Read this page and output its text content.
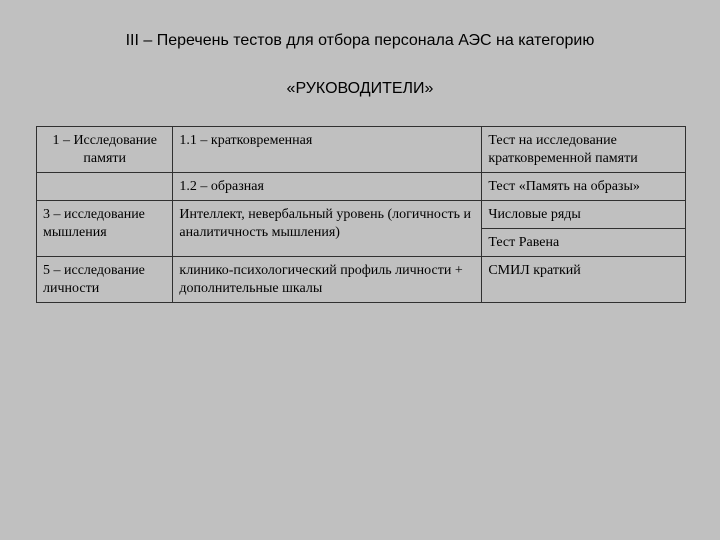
III – Перечень тестов для отбора персонала АЭС на категорию
«РУКОВОДИТЕЛИ»
1 – Исследование памяти	1.1 – кратковременная	Тест на исследование кратковременной памяти
	1.2 – образная	Тест «Память на образы»
3 – исследование мышления	Интеллект, невербальный уровень (логичность и аналитичность мышления)	Числовые ряды
		Тест Равена
5 – исследование личности	клинико-психологический профиль личности + дополнительные шкалы	СМИЛ краткий
